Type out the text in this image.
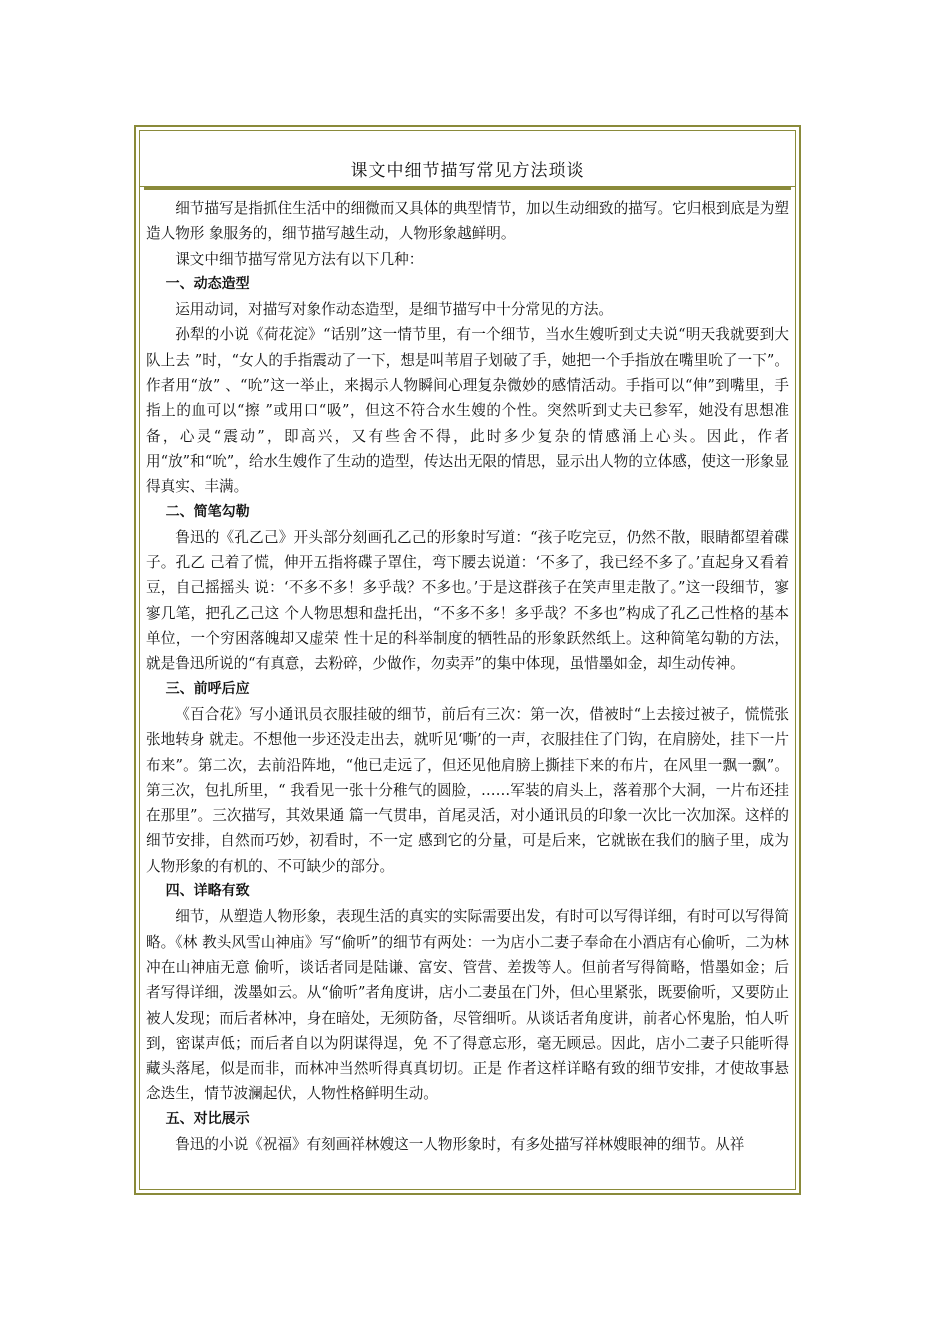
课文中细节描写常见方法琐谈
细节描写是指抓住生活中的细微而又具体的典型情节，加以生动细致的描写。它归根到底是为塑造人物形 象服务的，细节描写越生动，人物形象越鲜明。
课文中细节描写常见方法有以下几种：
一、动态造型
运用动词，对描写对象作动态造型，是细节描写中十分常见的方法。
孙犁的小说《荷花淀》“话别”这一情节里，有一个细节，当水生嫂听到丈夫说“明天我就要到大队上去 ”时，“女人的手指震动了一下，想是叫苇眉子划破了手，她把一个手指放在嘴里吮了一下”。作者用“放” 、“吮”这一举止，来揭示人物瞬间心理复杂微妙的感情活动。手指可以“伸”到嘴里，手指上的血可以“擦 ”或用口“吸”，但这不符合水生嫂的个性。突然听到丈夫已参军，她没有思想准备，心灵“震动”，即高兴，又有些舍不得，此时多少复杂的情感涌上心头。因此，作者用“放”和“吮”，给水生嫂作了生动的造型，传达出无限的情思，显示出人物的立体感，使这一形象显得真实、丰满。
二、简笔勾勒
鲁迅的《孔乙己》开头部分刻画孔乙己的形象时写道：“孩子吃完豆，仍然不散，眼睛都望着碟子。孔乙 己着了慌，伸开五指将碟子罩住，弯下腰去说道：‘不多了，我已经不多了。’直起身又看着豆，自己摇摇头 说：‘不多不多！多乎哉？不多也。’于是这群孩子在笑声里走散了。”这一段细节，寥寥几笔，把孔乙己这 个人物思想和盘托出，“不多不多！多乎哉？不多也”构成了孔乙己性格的基本单位，一个穷困落魄却又虚荣 性十足的科举制度的牺牲品的形象跃然纸上。这种简笔勾勒的方法，就是鲁迅所说的“有真意，去粉碎，少做作，勿卖弄”的集中体现，虽惜墨如金，却生动传神。
三、前呼后应
《百合花》写小通讯员衣服挂破的细节，前后有三次：第一次，借被时“上去接过被子，慌慌张张地转身 就走。不想他一步还没走出去，就听见‘嘶’的一声，衣服挂住了门钩，在肩膀处，挂下一片布来”。第二次，去前沿阵地，“他已走远了，但还见他肩膀上撕挂下来的布片，在风里一飘一飘”。第三次，包扎所里，“ 我看见一张十分稚气的圆脸，……军装的肩头上，落着那个大洞，一片布还挂在那里”。三次描写，其效果通 篇一气贯串，首尾灵活，对小通讯员的印象一次比一次加深。这样的细节安排，自然而巧妙，初看时，不一定 感到它的分量，可是后来，它就嵌在我们的脑子里，成为人物形象的有机的、不可缺少的部分。
四、详略有致
细节，从塑造人物形象，表现生活的真实的实际需要出发，有时可以写得详细，有时可以写得简略。《林 教头风雪山神庙》写“偷听”的细节有两处：一为店小二妻子奉命在小酒店有心偷听，二为林冲在山神庙无意 偷听，谈话者同是陆谦、富安、管营、差拨等人。但前者写得简略，惜墨如金；后者写得详细，泼墨如云。从“偷听”者角度讲，店小二妻虽在门外，但心里紧张，既要偷听，又要防止被人发现；而后者林冲，身在暗处，无须防备，尽管细听。从谈话者角度讲，前者心怀鬼胎，怕人听到，密谋声低；而后者自以为阴谋得逞，免 不了得意忘形，毫无顾忌。因此，店小二妻子只能听得藏头落尾，似是而非，而林冲当然听得真真切切。正是 作者这样详略有致的细节安排，才使故事悬念迭生，情节波澜起伏，人物性格鲜明生动。
五、对比展示
鲁迅的小说《祝福》有刻画祥林嫂这一人物形象时，有多处描写祥林嫂眼神的细节。从祥
